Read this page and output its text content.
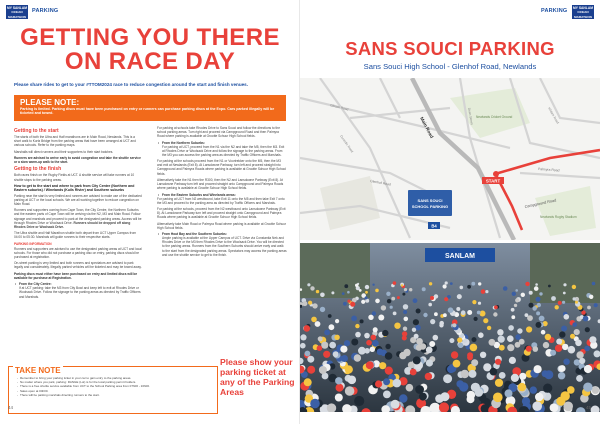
MY SANLAM
OCEAN
MARATHON
PARKING
GETTING YOU THERE
ON RACE DAY
Please share rides to get to your #TTOM2024 race to reduce congestion around the start and finish venues.
PLEASE NOTE:

Parking is limited. Parking discs must have been purchased on entry or runners can purchase parking discs at the Expo. Cars parked illegally will be ticketed and towed.

Getting to the start

The starts of both the Ultra and Half marathons are in Main Road, Newlands. This is a short walk to Kurtz Bridge from the parking areas that have been arranged at UCT and various schools. Refer to the parking maps.

Marshalls will direct runners and their supporters to their start batches.

Runners are advised to arrive early to avoid congestion and take the shuttle service or a slow warm-up walk to the start.

Getting to the finish

Both races finish on the Rugby Fields at UCT. A shuttle service will take runners at 10 shuttle stops to the parking areas.

How to get to the start and where to park from City Centre (Northern and Eastern suburbs) / Winelands (Kuils Rivier) and Southern suburbs

Parking near the start is very limited and runners are advised to make use of the dedicated parking at UCT or the local schools. We are all working together to reduce congestion on Main Road.

Runners and supporters coming from Cape Town, the City Centre, the Northern Suburbs and the eastern parts of Cape Town will be arriving via the N2, M3 and Main Road. Follow signage and marshals and proceed to park at the designated parking areas. Access will be through Rhodes Drive or Woolsack Drive. Runners should be dropped off along Rhodes Drive or Woolsack Drive.

The Ultra shuttle and Half Marathon shuttle both depart from UCT Upper Campus from 04:00 to 05:30. Marshals will guide runners to their respective starts.

PARKING INFORMATION

Runners and supporters are advised to use the designated parking areas at UCT and local schools. For those who did not purchase a parking disc on entry, parking discs should be purchased at registration.

On-street parking is very limited and both runners and spectators are advised to park legally and considerately. Illegally parked vehicles will be ticketed and may be towed away.

Parking discs must either have been purchased on entry and limited discs will be available for purchase at Registration.

• From the City Centre:

If at UCT parking: take the M3 from City Bowl and keep left to exit at Rhodes Drive or Woolsack Drive. Follow the signage to the parking areas as directed by Traffic Officers and Marshals.

For parking at schools take Rhodes Drive to Sans Souci and follow the directions to the school parking areas. Turn right and proceed via Campground Road and then Palmyra Road where parking is available at Grootte Schuur High School fields.

• From the Northern Suburbs:

For parking at UCT, proceed from the N1 via the N2 and take the M5, then the M3. Exit at Rhodes Drive or Woolsack Drive and follow the signage to the parking areas. From the M3 you can access the parking area as directed by Traffic Officers and Marshals.

For parking at the schools proceed from the N1 or Voortrekker onto the M5, then the M3 and exit at Newlands (Exit 8). At Lansdowne Parkway, turn left and proceed straight into Campground and Palmyra Roads where parking is available at Grootte Schuur High School fields.

Alternatively take the N1 then the R300, then the N2 and Lansdowne Parkway (Exit 8). At Lansdowne Parkway turn left and proceed straight onto Campground and Palmyra Roads where parking is available at Grootte Schuur High School fields.

• From the Eastern Suburbs and Winelands areas:

For parking at UCT from N2 westbound, take Exit 11 onto the M5 and then take Exit 7 onto the M3 and proceed to the parking area as directed by Traffic Officers and Marshals.

For parking at the schools, proceed from the N2 westbound onto Lansdowne Parkway (Exit 8). At Lansdowne Parkway turn left and proceed straight onto Campground and Palmyra Roads where parking is available at Grootte Schuur High School fields.

Alternatively take Main Road or Palmyra Road where parking is available at Grootte Schuur High School fields.

• From Hout Bay and the Southern Suburbs:

Ample parking is available at the Upper Campus of UCT. Drive via Constantia Nek and Rhodes Drive or the M3 then Rhodes Drive to the Woolsack Drive. You will be directed to the parking areas. Runners from the Southern Suburbs should arrive early and walk to the start from the designated parking areas. Spectators may access the parking areas and use the shuttle service to get to the finish.

TAKE NOTE
- Remember to bring your parking ticket in your car to gain entry to the parking areas.
- No matter where you park, parking: RANGE (Lot) is for the local parking permit holders.
- There is a free shuttle service available from UCT to the School Parking area from 07h00 - 16h00.
- Sales open at 04h00.
- There will be parking marshals directing runners to the start.
Please show your parking ticket at any of the Parking Areas
44
PARKING	MY SANLAM
OCEAN
MARATHON
SANS SOUCI PARKING
Sans Souci High School - Glenhof Road, Newlands
SANS SOUCI
SCHOOL PARKING
START
B4
Main Road
Campground Road
Glenhof Road
Palmyra Road
Gibson Road
Dean Street
Dunedin Road
Kildare Road
Newlands Cricket Ground
Newlands Rugby Stadium
SANLAM
45
